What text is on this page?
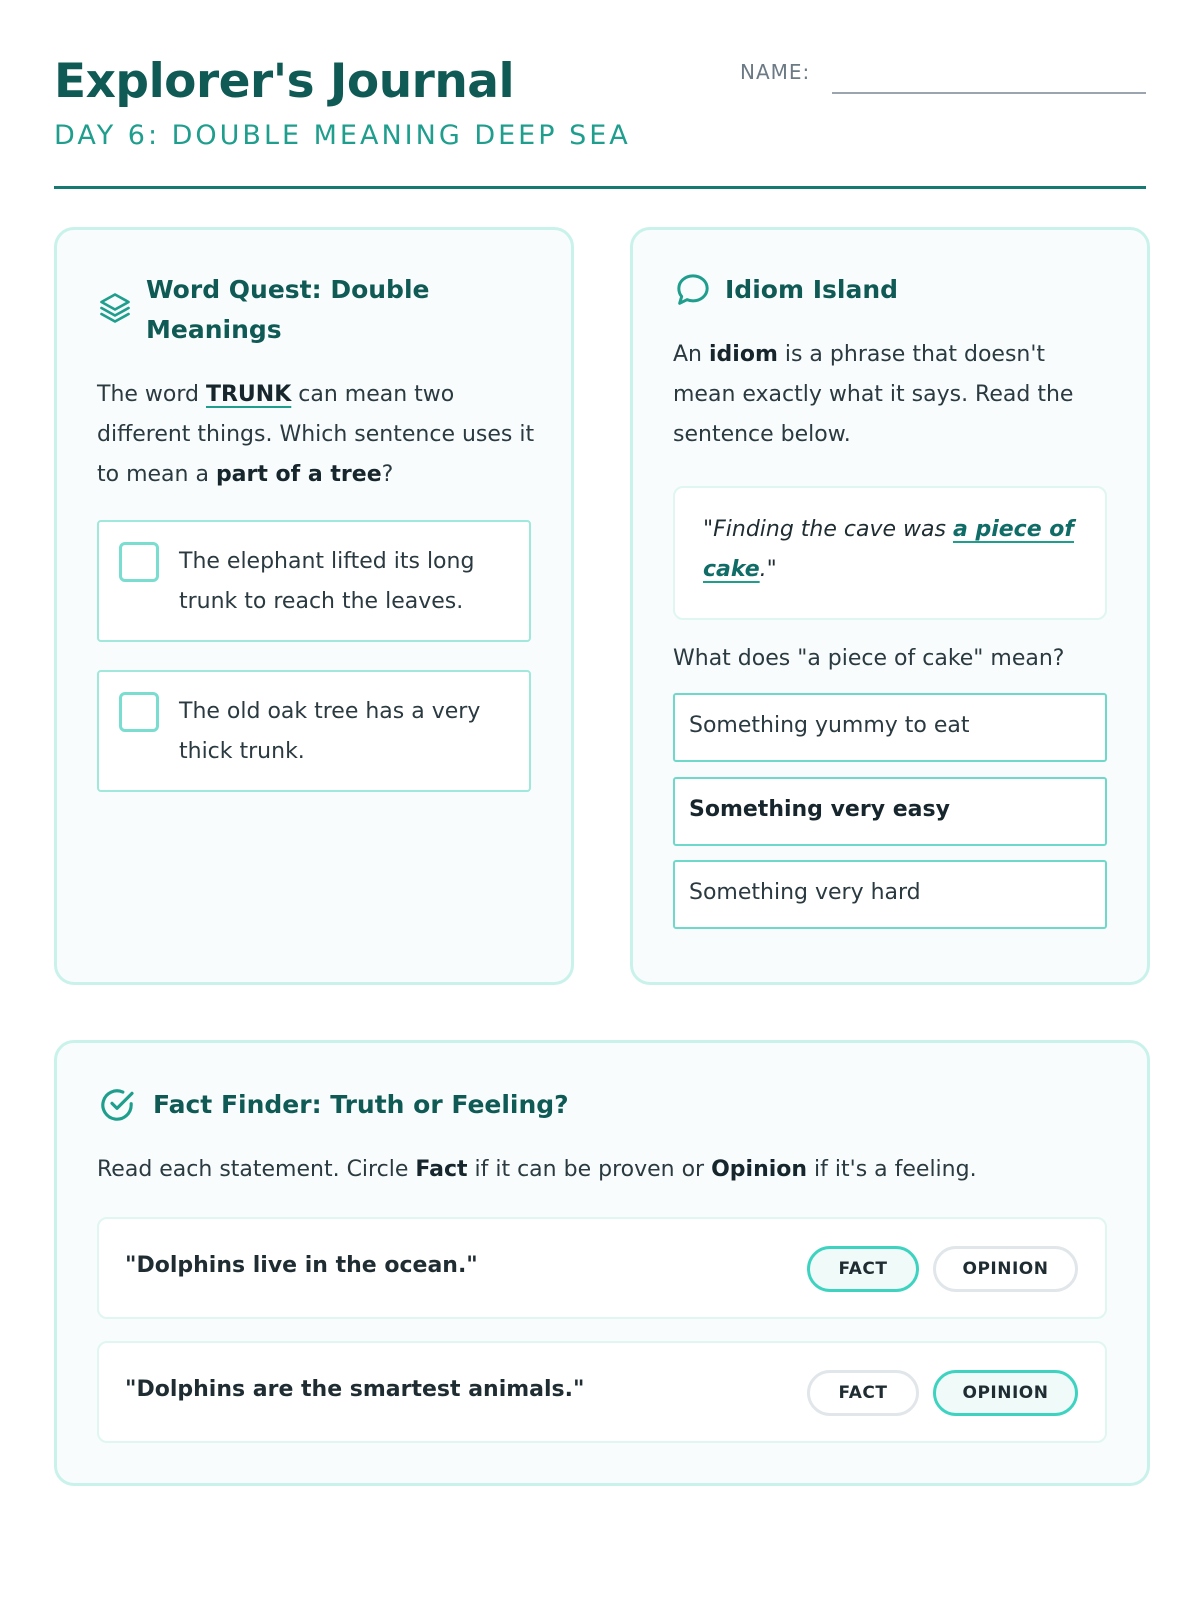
Explorer's Journal
DAY 6: DOUBLE MEANING DEEP SEA
NAME:
Word Quest: Double
Meanings
The word TRUNK can mean two different things. Which sentence uses it to mean a part of a tree?
The elephant lifted its long trunk to reach the leaves.
The old oak tree has a very thick trunk.
Idiom Island
An idiom is a phrase that doesn't mean exactly what it says. Read the sentence below.
"Finding the cave was a piece of cake."
What does "a piece of cake" mean?
Something yummy to eat
Something very easy
Something very hard
Fact Finder: Truth or Feeling?
Read each statement. Circle Fact if it can be proven or Opinion if it's a feeling.
"Dolphins live in the ocean."	FACT	OPINION
"Dolphins are the smartest animals."	FACT	OPINION
